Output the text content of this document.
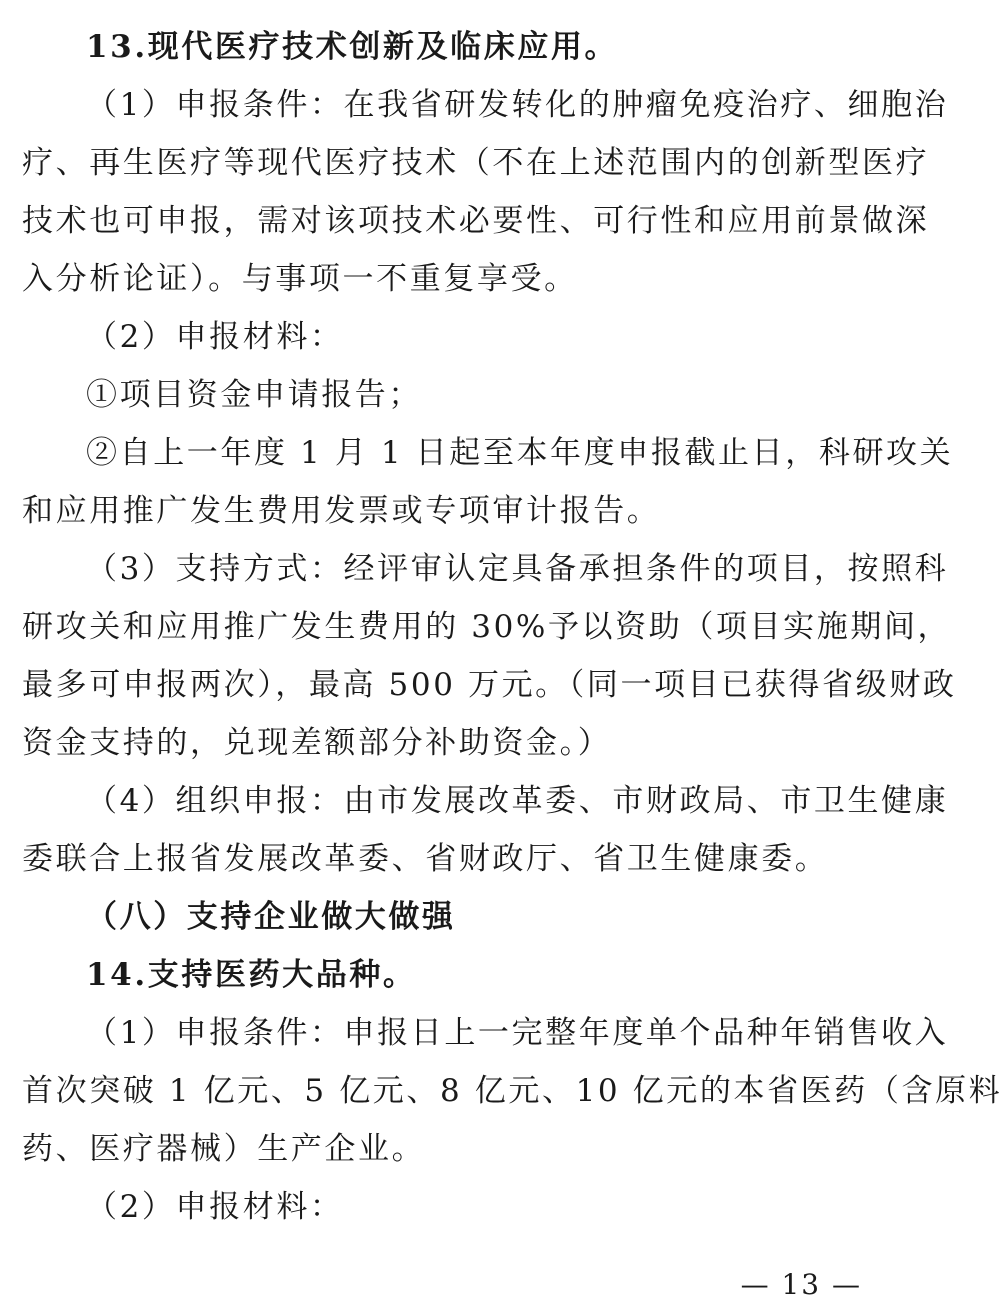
13.现代医疗技术创新及临床应用。
（1）申报条件：在我省研发转化的肿瘤免疫治疗、细胞治
疗、再生医疗等现代医疗技术（不在上述范围内的创新型医疗
技术也可申报，需对该项技术必要性、可行性和应用前景做深
入分析论证）。与事项一不重复享受。
（2）申报材料：
①项目资金申请报告；
②自上一年度 1 月 1 日起至本年度申报截止日，科研攻关
和应用推广发生费用发票或专项审计报告。
（3）支持方式：经评审认定具备承担条件的项目，按照科
研攻关和应用推广发生费用的 30%予以资助（项目实施期间，
最多可申报两次），最高 500 万元。（同一项目已获得省级财政
资金支持的，兑现差额部分补助资金。）
（4）组织申报：由市发展改革委、市财政局、市卫生健康
委联合上报省发展改革委、省财政厅、省卫生健康委。
（八）支持企业做大做强
14.支持医药大品种。
（1）申报条件：申报日上一完整年度单个品种年销售收入
首次突破 1 亿元、5 亿元、8 亿元、10 亿元的本省医药（含原料
药、医疗器械）生产企业。
（2）申报材料：
— 13 —
